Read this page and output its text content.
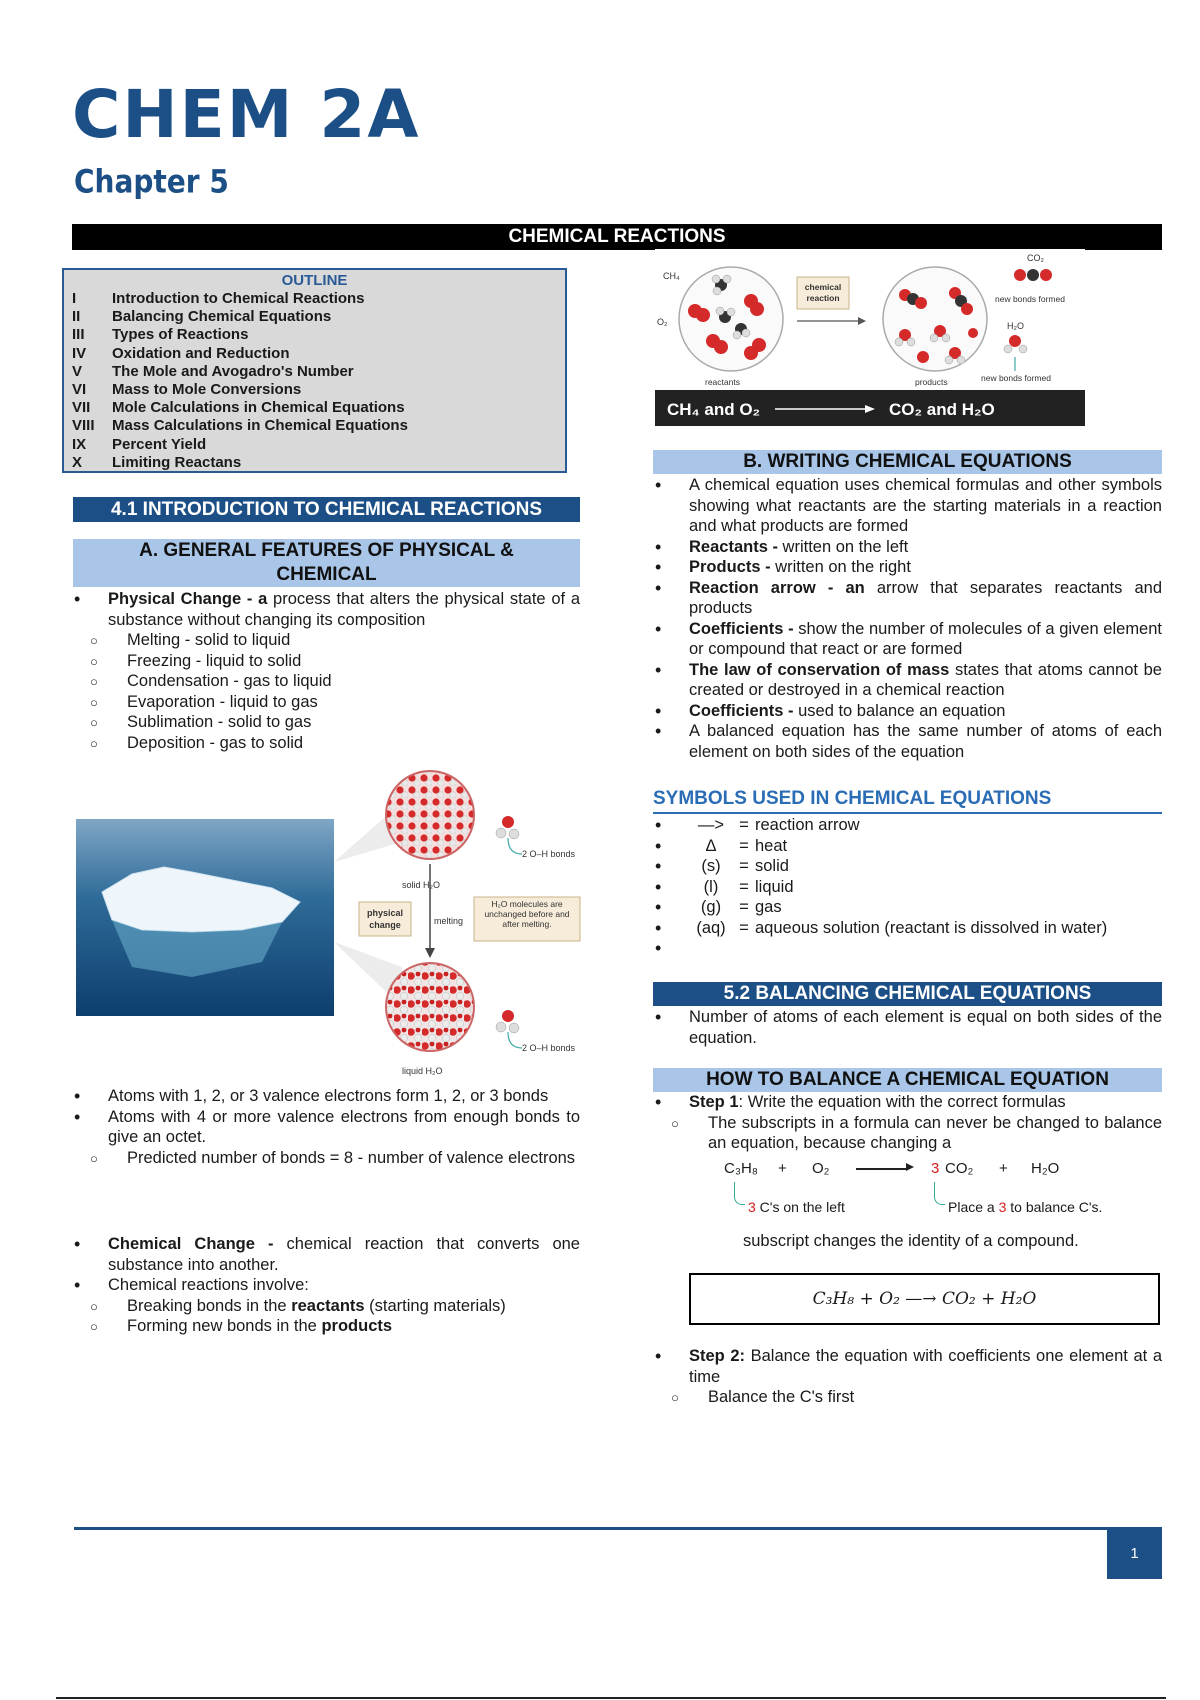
CHEM 2A
Chapter 5
CHEMICAL REACTIONS
OUTLINE
I	Introduction to Chemical Reactions
II	Balancing Chemical Equations
III	Types of Reactions
IV	Oxidation and Reduction
V	The Mole and Avogadro's Number
VI	Mass to Mole Conversions
VII	Mole Calculations in Chemical Equations
VIII	Mass Calculations in Chemical Equations
IX	Percent Yield
X	Limiting Reactans
4.1 INTRODUCTION TO CHEMICAL REACTIONS
A. GENERAL FEATURES OF PHYSICAL & CHEMICAL
• Physical Change - a process that alters the physical state of a substance without changing its composition
○ Melting - solid to liquid
○ Freezing - liquid to solid
○ Condensation - gas to liquid
○ Evaporation - liquid to gas
○ Sublimation - solid to gas
○ Deposition - gas to solid
2 O–H bonds
2 O–H bonds
solid H₂O
liquid H₂O
physical
change	melting
H₂O molecules are unchanged before and after melting.
• Atoms with 1, 2, or 3 valence electrons form 1, 2, or 3 bonds
• Atoms with 4 or more valence electrons from enough bonds to give an octet.
○ Predicted number of bonds = 8 - number of valence electrons
• Chemical Change - chemical reaction that converts one substance into another.
• Chemical reactions involve:
○ Breaking bonds in the reactants (starting materials)
○ Forming new bonds in the products
chemical
reaction
CH₄
O₂
CO₂
new bonds formed
H₂O
new bonds formed
reactants	products
CH₄ and O₂	CO₂ and H₂O
B. WRITING CHEMICAL EQUATIONS
• A chemical equation uses chemical formulas and other symbols showing what reactants are the starting materials in a reaction and what products are formed
• Reactants - written on the left
• Products - written on the right
• Reaction arrow - an arrow that separates reactants and products
• Coefficients - show the number of molecules of a given element or compound that react or are formed
• The law of conservation of mass states that atoms cannot be created or destroyed in a chemical reaction
• Coefficients - used to balance an equation
• A balanced equation has the same number of atoms of each element on both sides of the equation
SYMBOLS USED IN CHEMICAL EQUATIONS
• —> = reaction arrow
• Δ	= heat
• (s)	= solid
• (l)	= liquid
• (g)	= gas
• (aq) = aqueous solution (reactant is dissolved in water)
•

5.2 BALANCING CHEMICAL EQUATIONS
• Number of atoms of each element is equal on both sides of the equation.
HOW TO BALANCE A CHEMICAL EQUATION
• Step 1: Write the equation with the correct formulas
○ The subscripts in a formula can never be changed to balance an equation, because changing a
C₃H₈ + O₂	3 CO₂ + H₂O
3 C's on the left	Place a 3 to balance C's.
subscript changes the identity of a compound.
C₃H₈ + O₂ —→ CO₂ + H₂O
• Step 2: Balance the equation with coefficients one element at a time
○ Balance the C's first
1
